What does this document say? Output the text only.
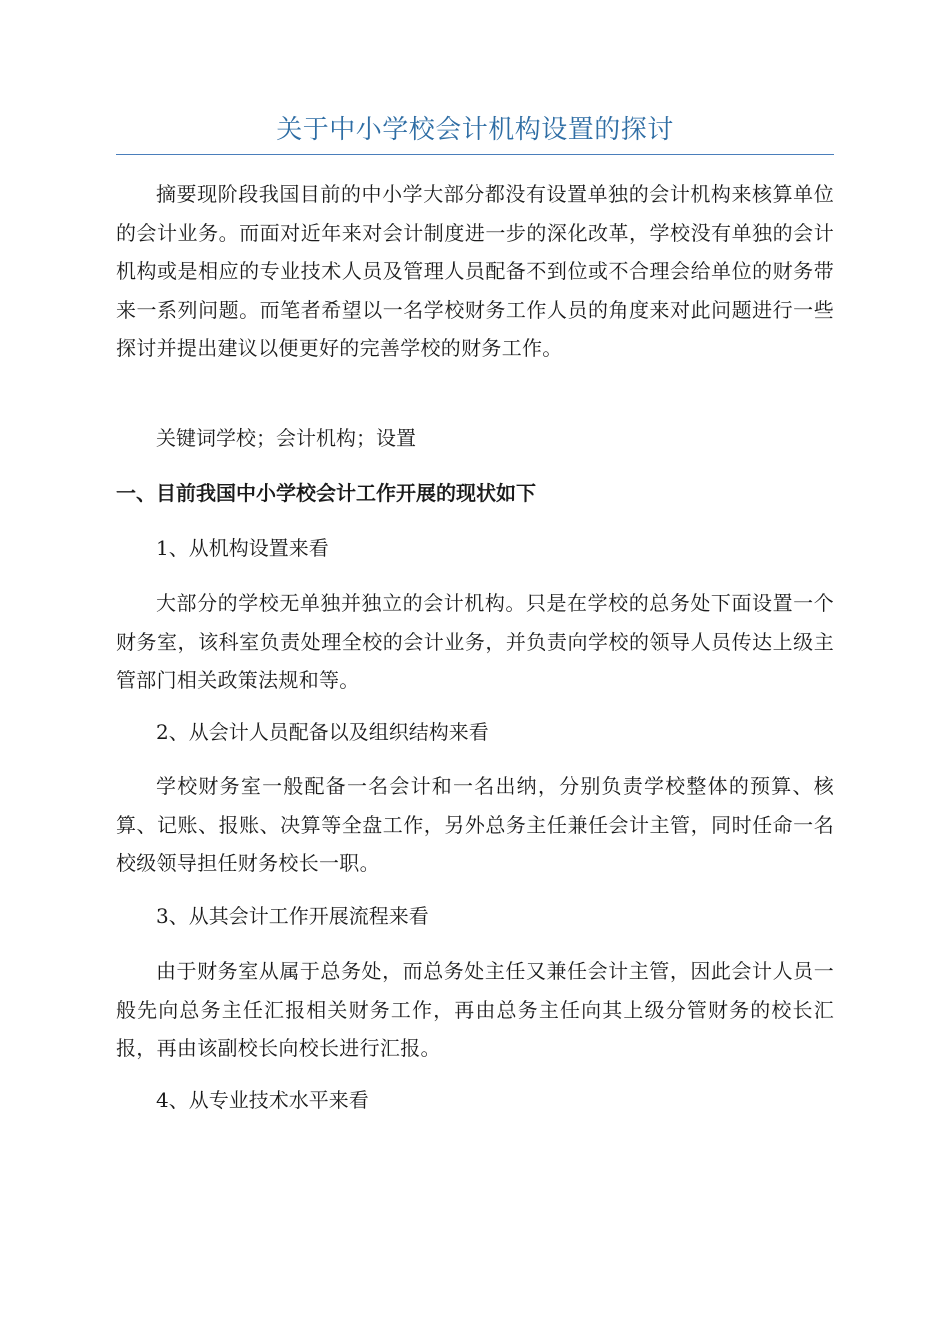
关于中小学校会计机构设置的探讨

摘要现阶段我国目前的中小学大部分都没有设置单独的会计机构来核算单位的会计业务。而面对近年来对会计制度进一步的深化改革，学校没有单独的会计机构或是相应的专业技术人员及管理人员配备不到位或不合理会给单位的财务带来一系列问题。而笔者希望以一名学校财务工作人员的角度来对此问题进行一些探讨并提出建议以便更好的完善学校的财务工作。

关键词学校；会计机构；设置

一、目前我国中小学校会计工作开展的现状如下

1、从机构设置来看

大部分的学校无单独并独立的会计机构。只是在学校的总务处下面设置一个财务室，该科室负责处理全校的会计业务，并负责向学校的领导人员传达上级主管部门相关政策法规和等。

2、从会计人员配备以及组织结构来看

学校财务室一般配备一名会计和一名出纳，分别负责学校整体的预算、核算、记账、报账、决算等全盘工作，另外总务主任兼任会计主管，同时任命一名校级领导担任财务校长一职。

3、从其会计工作开展流程来看

由于财务室从属于总务处，而总务处主任又兼任会计主管，因此会计人员一般先向总务主任汇报相关财务工作，再由总务主任向其上级分管财务的校长汇报，再由该副校长向校长进行汇报。

4、从专业技术水平来看
